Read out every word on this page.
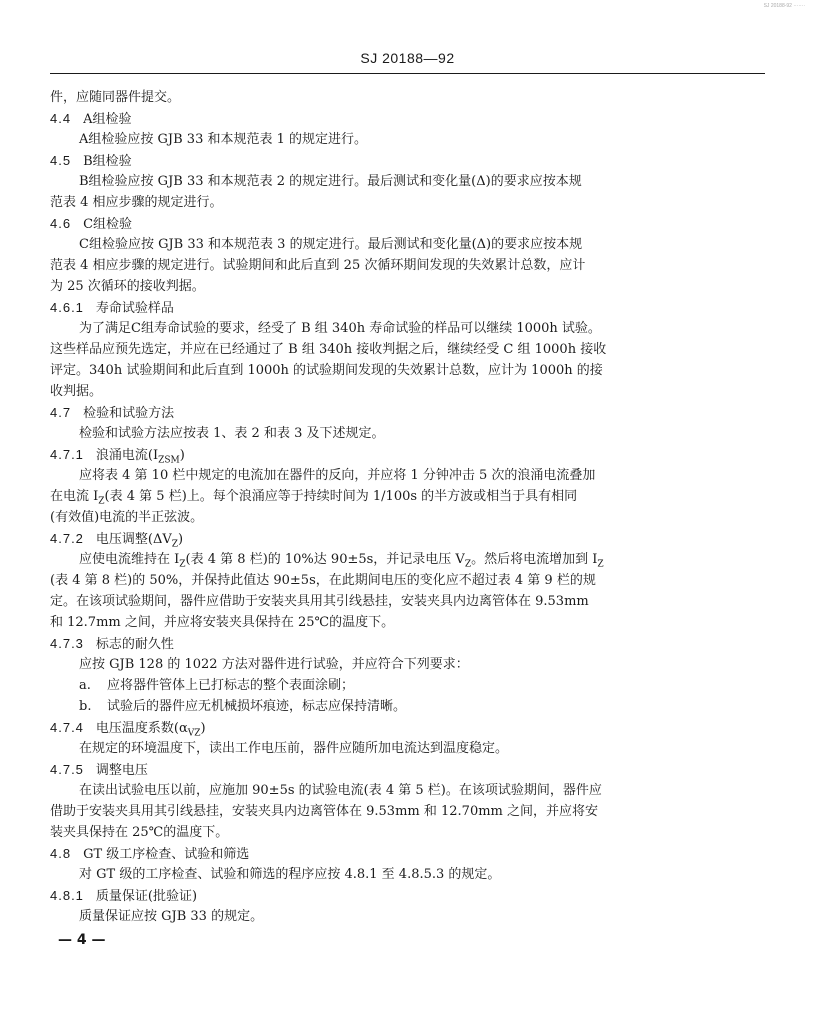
SJ 20188-92 ·······
SJ 20188—92
件，应随同器件提交。
4.4 A组检验
A组检验应按 GJB 33 和本规范表 1 的规定进行。
4.5 B组检验
B组检验应按 GJB 33 和本规范表 2 的规定进行。最后测试和变化量(Δ)的要求应按本规
范表 4 相应步骤的规定进行。
4.6 C组检验
C组检验应按 GJB 33 和本规范表 3 的规定进行。最后测试和变化量(Δ)的要求应按本规
范表 4 相应步骤的规定进行。试验期间和此后直到 25 次循环期间发现的失效累计总数，应计
为 25 次循环的接收判据。
4.6.1 寿命试验样品
为了满足C组寿命试验的要求，经受了 B 组 340h 寿命试验的样品可以继续 1000h 试验。
这些样品应预先选定，并应在已经通过了 B 组 340h 接收判据之后，继续经受 C 组 1000h 接收
评定。340h 试验期间和此后直到 1000h 的试验期间发现的失效累计总数，应计为 1000h 的接
收判据。
4.7 检验和试验方法
检验和试验方法应按表 1、表 2 和表 3 及下述规定。
4.7.1 浪涌电流$(I_{ZSM})$
应将表 4 第 10 栏中规定的电流加在器件的反向，并应将 1 分钟冲击 5 次的浪涌电流叠加
在电流 $I_Z$(表 4 第 5 栏)上。每个浪涌应等于持续时间为 1/100s 的半方波或相当于具有相同
(有效值)电流的半正弦波。
4.7.2 电压调整$(\Delta V_Z)$
应使电流维持在 $I_Z$(表 4 第 8 栏)的 10%达 90±5s，并记录电压 $V_Z$。然后将电流增加到 $I_Z$
(表 4 第 8 栏)的 50%，并保持此值达 90±5s，在此期间电压的变化应不超过表 4 第 9 栏的规
定。在该项试验期间，器件应借助于安装夹具用其引线悬挂，安装夹具内边离管体在 9.53mm
和 12.7mm 之间，并应将安装夹具保持在 25℃的温度下。
4.7.3 标志的耐久性
应按 GJB 128 的 1022 方法对器件进行试验，并应符合下列要求：
a. 应将器件管体上已打标志的整个表面涂刷；
b. 试验后的器件应无机械损坏痕迹，标志应保持清晰。
4.7.4 电压温度系数$(\alpha_{VZ})$
在规定的环境温度下，读出工作电压前，器件应随所加电流达到温度稳定。
4.7.5 调整电压
在读出试验电压以前，应施加 90±5s 的试验电流(表 4 第 5 栏)。在该项试验期间，器件应
借助于安装夹具用其引线悬挂，安装夹具内边离管体在 9.53mm 和 12.70mm 之间，并应将安
装夹具保持在 25℃的温度下。
4.8 GT 级工序检查、试验和筛选
对 GT 级的工序检查、试验和筛选的程序应按 4.8.1 至 4.8.5.3 的规定。
4.8.1 质量保证(批验证)
质量保证应按 GJB 33 的规定。
— 4 —
